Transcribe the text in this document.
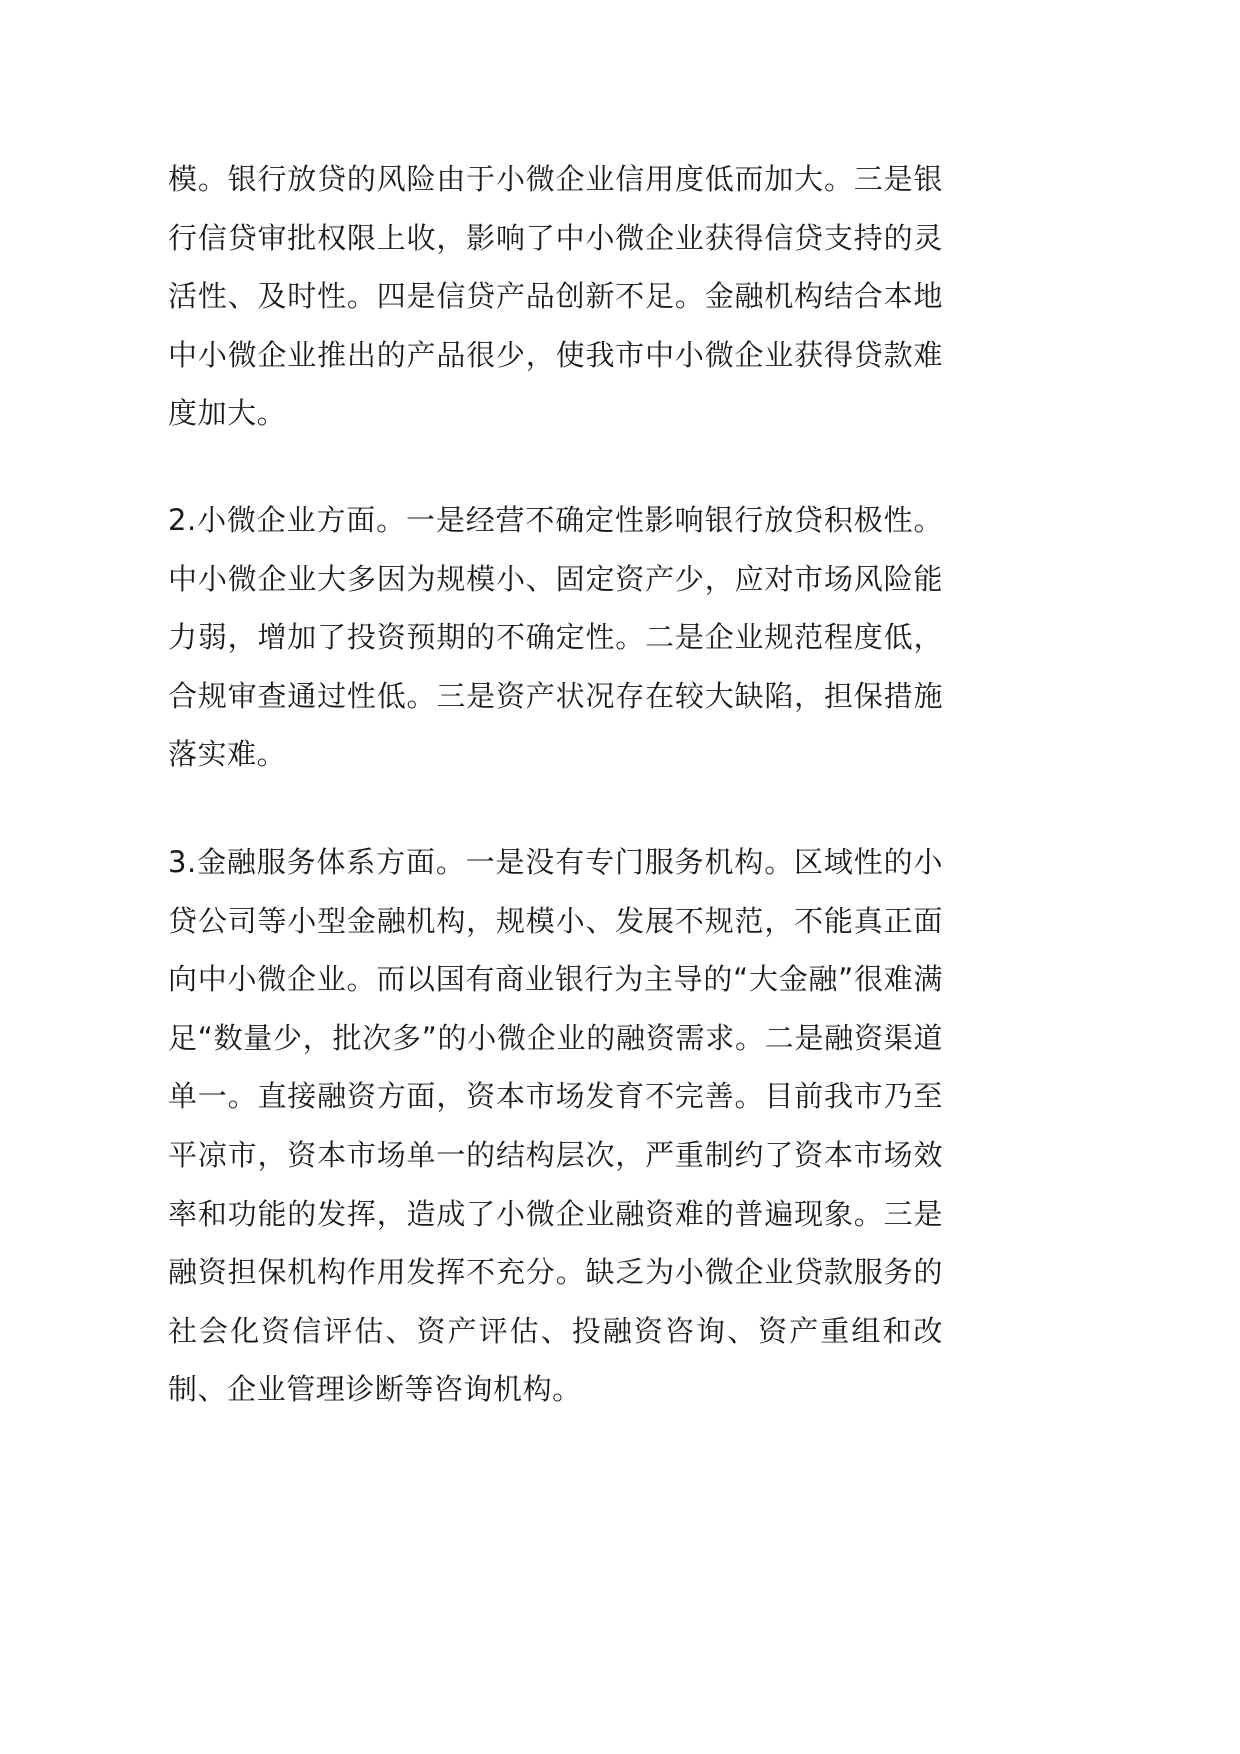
模。银行放贷的风险由于小微企业信用度低而加大。三是银行信贷审批权限上收，影响了中小微企业获得信贷支持的灵活性、及时性。四是信贷产品创新不足。金融机构结合本地中小微企业推出的产品很少，使我市中小微企业获得贷款难度加大。

2.小微企业方面。一是经营不确定性影响银行放贷积极性。中小微企业大多因为规模小、固定资产少，应对市场风险能力弱，增加了投资预期的不确定性。二是企业规范程度低，合规审查通过性低。三是资产状况存在较大缺陷，担保措施落实难。

3.金融服务体系方面。一是没有专门服务机构。区域性的小贷公司等小型金融机构，规模小、发展不规范，不能真正面向中小微企业。而以国有商业银行为主导的“大金融”很难满足“数量少，批次多”的小微企业的融资需求。二是融资渠道单一。直接融资方面，资本市场发育不完善。目前我市乃至平凉市，资本市场单一的结构层次，严重制约了资本市场效率和功能的发挥，造成了小微企业融资难的普遍现象。三是融资担保机构作用发挥不充分。缺乏为小微企业贷款服务的社会化资信评估、资产评估、投融资咨询、资产重组和改制、企业管理诊断等咨询机构。
